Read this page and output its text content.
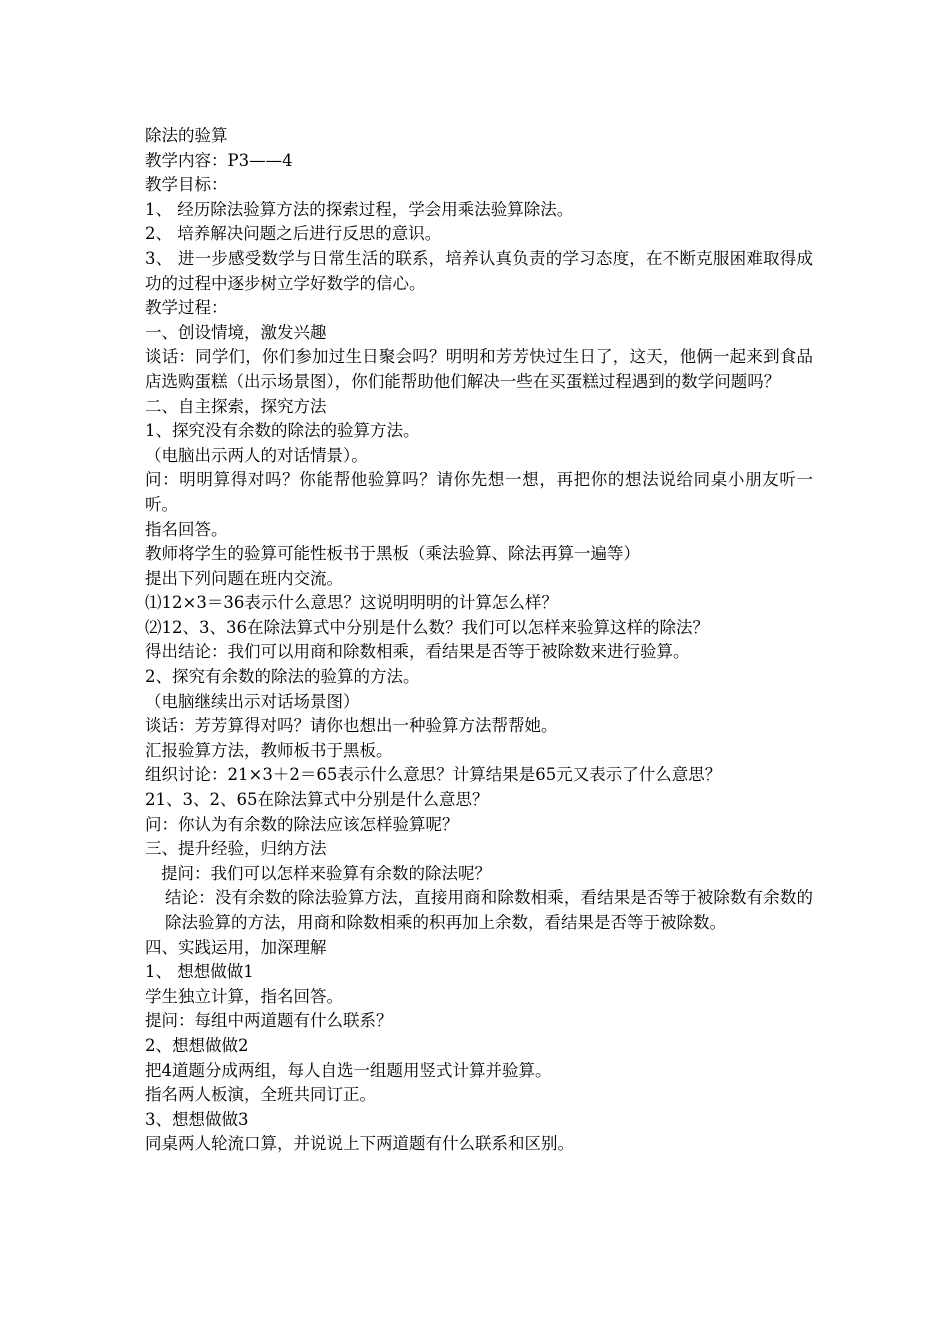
除法的验算

教学内容：P3——4

教学目标：

1、 经历除法验算方法的探索过程，学会用乘法验算除法。

2、 培养解决问题之后进行反思的意识。

3、 进一步感受数学与日常生活的联系，培养认真负责的学习态度，在不断克服困难取得成功的过程中逐步树立学好数学的信心。

教学过程：

一、创设情境，激发兴趣

谈话：同学们，你们参加过生日聚会吗？明明和芳芳快过生日了，这天，他俩一起来到食品店选购蛋糕（出示场景图），你们能帮助他们解决一些在买蛋糕过程遇到的数学问题吗？

二、自主探索，探究方法

1、探究没有余数的除法的验算方法。

（电脑出示两人的对话情景）。

问：明明算得对吗？你能帮他验算吗？请你先想一想，再把你的想法说给同桌小朋友听一听。

指名回答。

教师将学生的验算可能性板书于黑板（乘法验算、除法再算一遍等）

提出下列问题在班内交流。

⑴12×3＝36表示什么意思？这说明明明的计算怎么样？

⑵12、3、36在除法算式中分别是什么数？我们可以怎样来验算这样的除法？

得出结论：我们可以用商和除数相乘，看结果是否等于被除数来进行验算。

2、探究有余数的除法的验算的方法。

（电脑继续出示对话场景图）

谈话：芳芳算得对吗？请你也想出一种验算方法帮帮她。

汇报验算方法，教师板书于黑板。

组织讨论：21×3＋2＝65表示什么意思？计算结果是65元又表示了什么意思？

21、3、2、65在除法算式中分别是什么意思？

问：你认为有余数的除法应该怎样验算呢？

三、提升经验，归纳方法

提问：我们可以怎样来验算有余数的除法呢？

结论：没有余数的除法验算方法，直接用商和除数相乘，看结果是否等于被除数有余数的除法验算的方法，用商和除数相乘的积再加上余数，看结果是否等于被除数。

四、实践运用，加深理解

1、 想想做做1

学生独立计算，指名回答。

提问：每组中两道题有什么联系？

2、想想做做2

把4道题分成两组，每人自选一组题用竖式计算并验算。

指名两人板演，全班共同订正。

3、想想做做3

同桌两人轮流口算，并说说上下两道题有什么联系和区别。
